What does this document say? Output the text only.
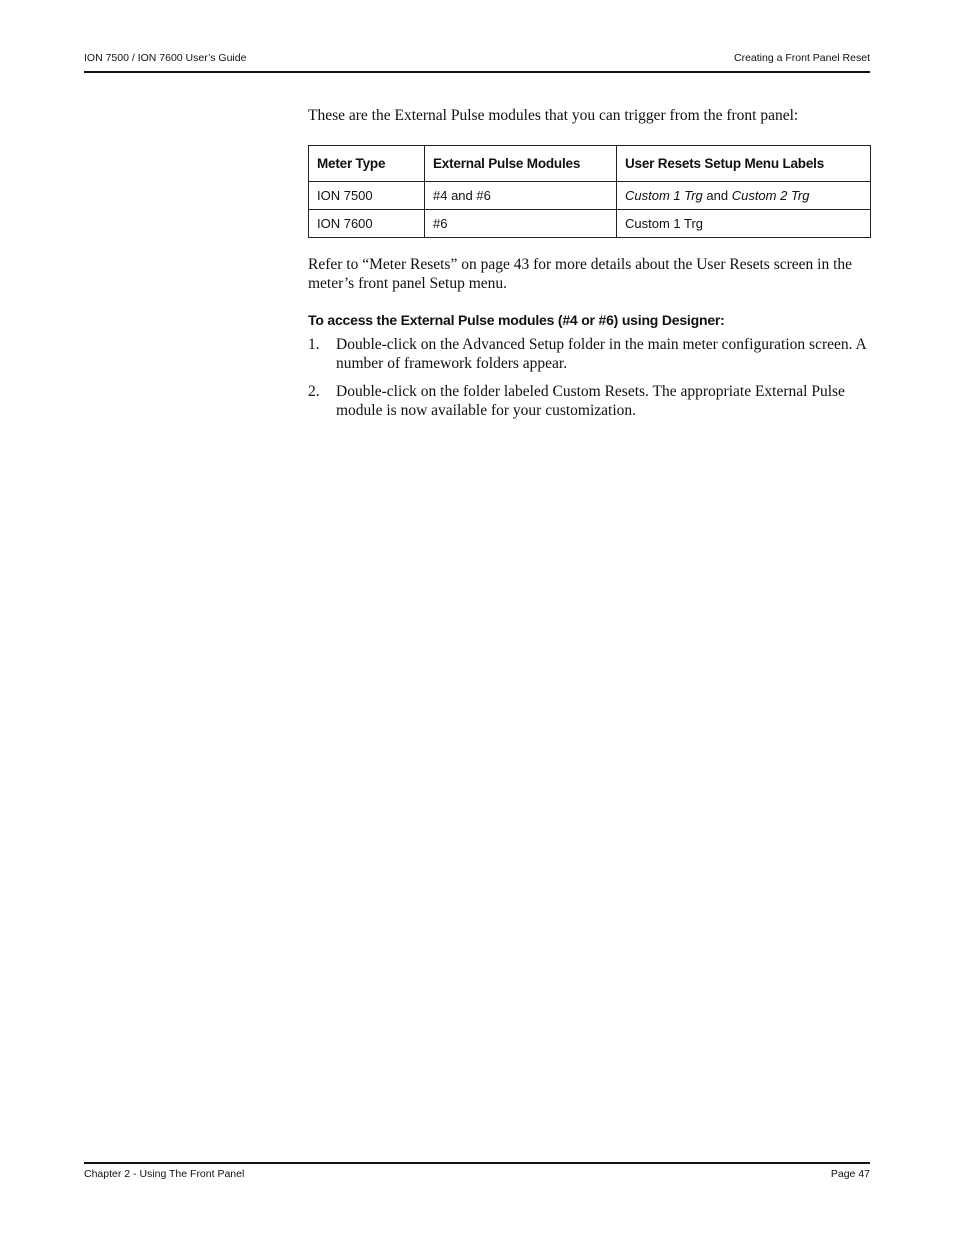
ION 7500 / ION 7600 User’s Guide	Creating a Front Panel Reset

These are the External Pulse modules that you can trigger from the front panel:

Meter Type	External Pulse Modules	User Resets Setup Menu Labels
ION 7500	#4 and #6	Custom 1 Trg and Custom 2 Trg
ION 7600	#6	Custom 1 Trg

Refer to “Meter Resets” on page 43 for more details about the User Resets screen in the meter’s front panel Setup menu.

To access the External Pulse modules (#4 or #6) using Designer:
1. Double-click on the Advanced Setup folder in the main meter configuration screen. A number of framework folders appear.
2. Double-click on the folder labeled Custom Resets. The appropriate External Pulse module is now available for your customization.
Chapter 2 - Using The Front Panel	Page 47
